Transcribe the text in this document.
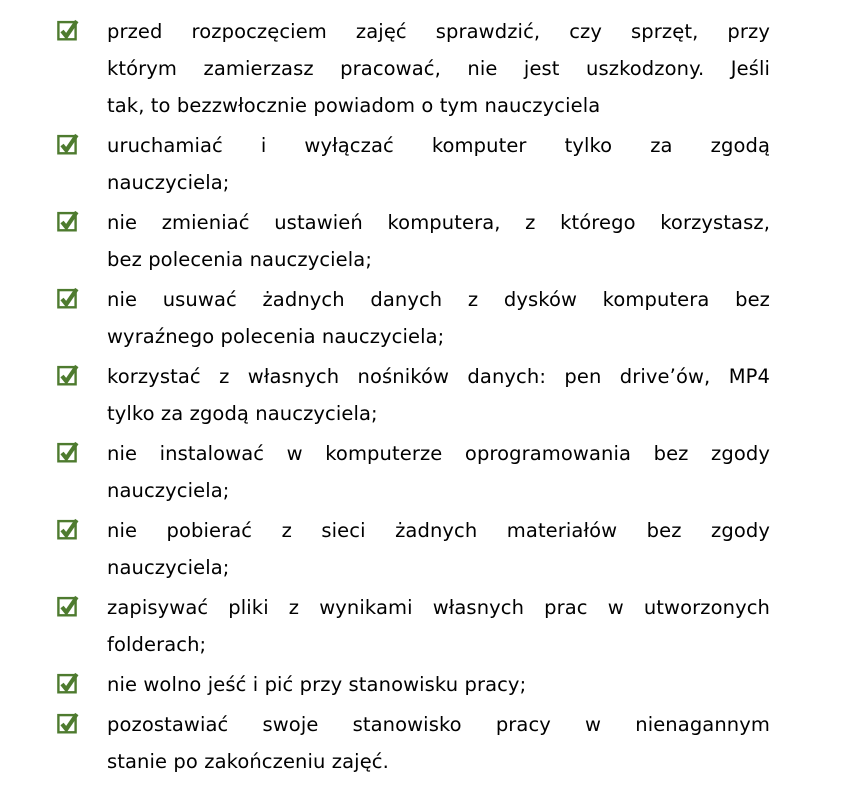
przed rozpoczęciem zajęć sprawdzić, czy sprzęt, przy
którym zamierzasz pracować, nie jest uszkodzony. Jeśli
tak, to bezzwłocznie powiadom o tym nauczyciela
uruchamiać i wyłączać komputer tylko za zgodą
nauczyciela;
nie zmieniać ustawień komputera, z którego korzystasz,
bez polecenia nauczyciela;
nie usuwać żadnych danych z dysków komputera bez
wyraźnego polecenia nauczyciela;
korzystać z własnych nośników danych: pen drive’ów, MP4
tylko za zgodą nauczyciela;
nie instalować w komputerze oprogramowania bez zgody
nauczyciela;
nie pobierać z sieci żadnych materiałów bez zgody
nauczyciela;
zapisywać pliki z wynikami własnych prac w utworzonych
folderach;
nie wolno jeść i pić przy stanowisku pracy;
pozostawiać swoje stanowisko pracy w nienagannym
stanie po zakończeniu zajęć.
